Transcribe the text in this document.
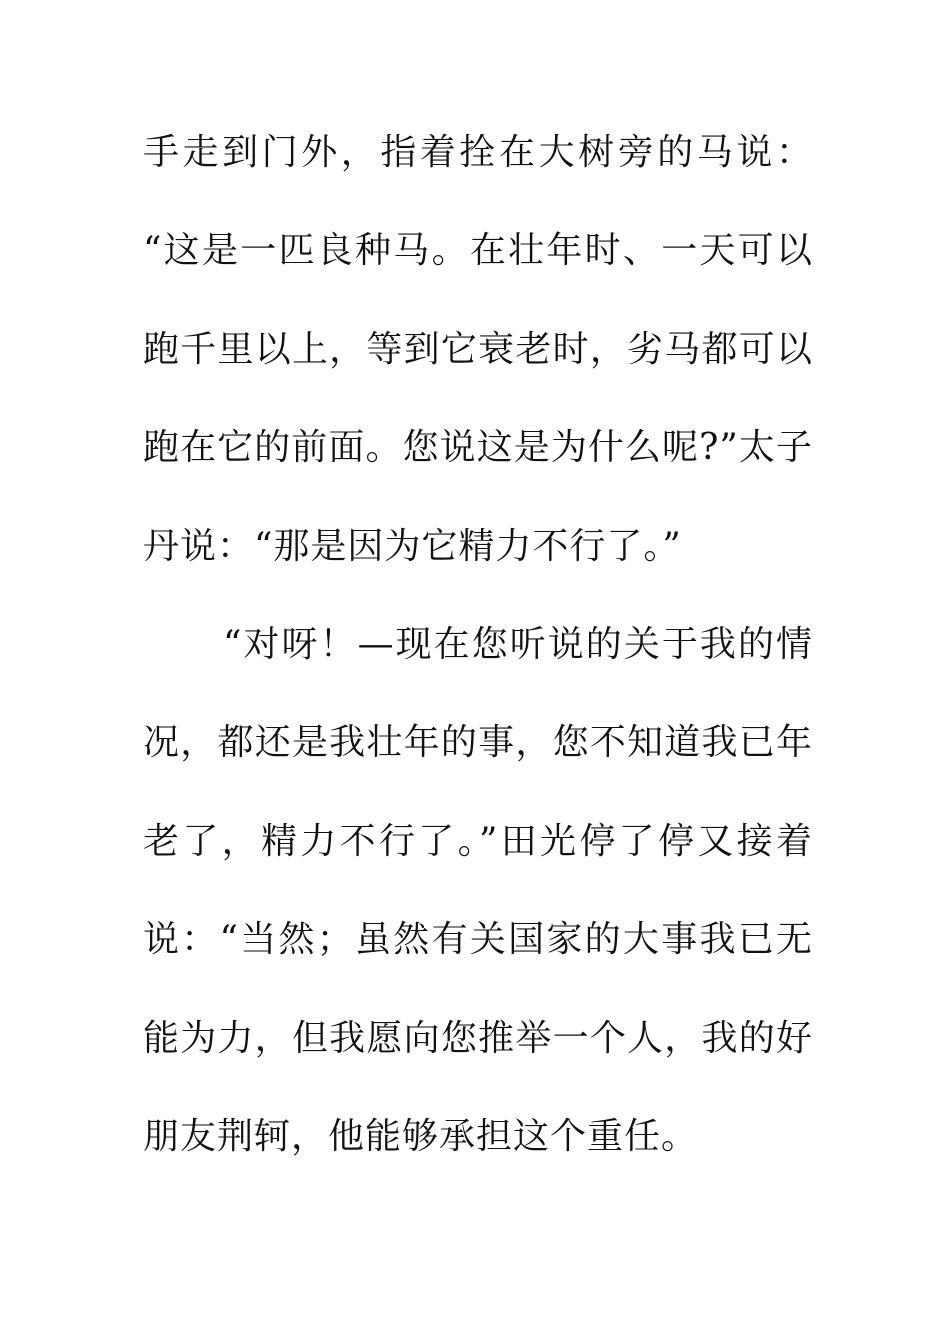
手走到门外，指着拴在大树旁的马说：
“这是一匹良种马。在壮年时、一天可以
跑千里以上，等到它衰老时，劣马都可以
跑在它的前面。您说这是为什么呢?”太子
丹说：“那是因为它精力不行了。”
“对呀！—现在您听说的关于我的情
况，都还是我壮年的事，您不知道我已年
老了，精力不行了。”田光停了停又接着
说：“当然；虽然有关国家的大事我已无
能为力，但我愿向您推举一个人，我的好
朋友荆轲，他能够承担这个重任。
